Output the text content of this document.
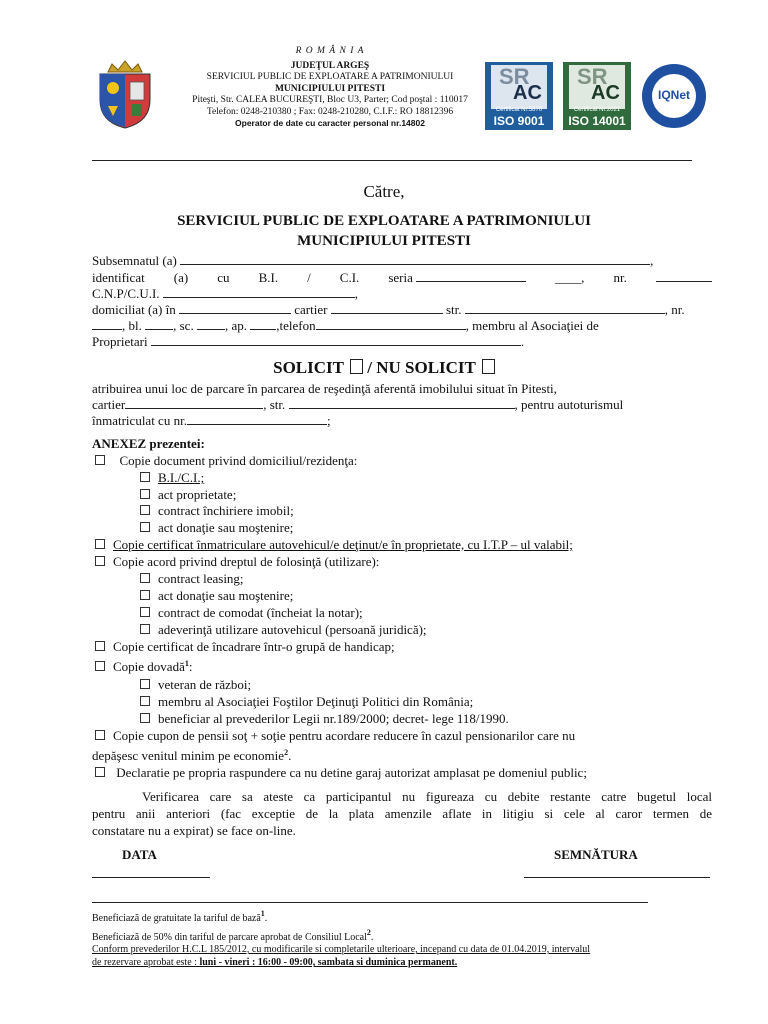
R O M Â N I A
JUDEŢUL ARGEŞ
SERVICIUL PUBLIC DE EXPLOATARE A PATRIMONIULUI
MUNICIPIULUI PITESTI
Piteşti, Str. CALEA BUCUREŞTI, Bloc U3, Parter; Cod poştal : 110017
Telefon: 0248-210380 ; Fax: 0248-210280, C.I.F.: RO 18812396
Operator de date cu caracter personal nr.14802
SR
AC
Certificat Nr.5870
ISO 9001
SR
AC
Certificat Nr.2021
ISO 14001
IQNet
Către,
SERVICIUL PUBLIC DE EXPLOATARE A PATRIMONIULUI
MUNICIPIULUI PITESTI
Subsemnatul (a)	,
identificat (a) cu B.I. / C.I. seria	____, nr.
C.N.P/C.U.I.	,
domiciliat (a) în	cartier	str.	, nr.
, bl. , sc. , ap. ,telefon	, membru al Asociaţiei de
Proprietari	.
SOLICIT / NU SOLICIT
atribuirea unui loc de parcare în parcarea de reşedinţă aferentă imobilului situat în Pitesti,
cartier	, str.	, pentru autoturismul
înmatriculat cu nr.	;
ANEXEZ prezentei:
Copie document privind domiciliul/rezidenţa:
B.I./C.I.;
act proprietate;
contract închiriere imobil;
act donaţie sau moştenire;
Copie certificat înmatriculare autovehicul/e deţinut/e în proprietate, cu I.T.P – ul valabil;
Copie acord privind dreptul de folosinţă (utilizare):
contract leasing;
act donaţie sau moştenire;
contract de comodat (încheiat la notar);
adeverinţă utilizare autovehicul (persoană juridică);
Copie certificat de încadrare într-o grupă de handicap;
Copie dovadă$^1$:
veteran de război;
membru al Asociaţiei Foştilor Deţinuţi Politici din România;
beneficiar al prevederilor Legii nr.189/2000; decret- lege 118/1990.
Copie cupon de pensii soţ + soţie pentru acordare reducere în cazul pensionarilor care nu
depăşesc venitul minim pe economie$^2$.
Declaratie pe propria raspundere ca nu detine garaj autorizat amplasat pe domeniul public;
Verificarea care sa ateste ca participantul nu figureaza cu debite restante catre bugetul local
pentru anii anteriori (fac exceptie de la plata amenzile aflate in litigiu si cele al caror termen de
constatare nu a expirat) se face on-line.
DATA	SEMNĂTURA
Beneficiază de gratuitate la tariful de bază$^1$.
Beneficiază de 50% din tariful de parcare aprobat de Consiliul Local$^2$.
Conform prevederilor H.C.L 185/2012, cu modificarile si completarile ulterioare, incepand cu data de 01.04.2019, intervalul
de rezervare aprobat este : luni - vineri : 16:00 - 09:00, sambata si duminica permanent.
